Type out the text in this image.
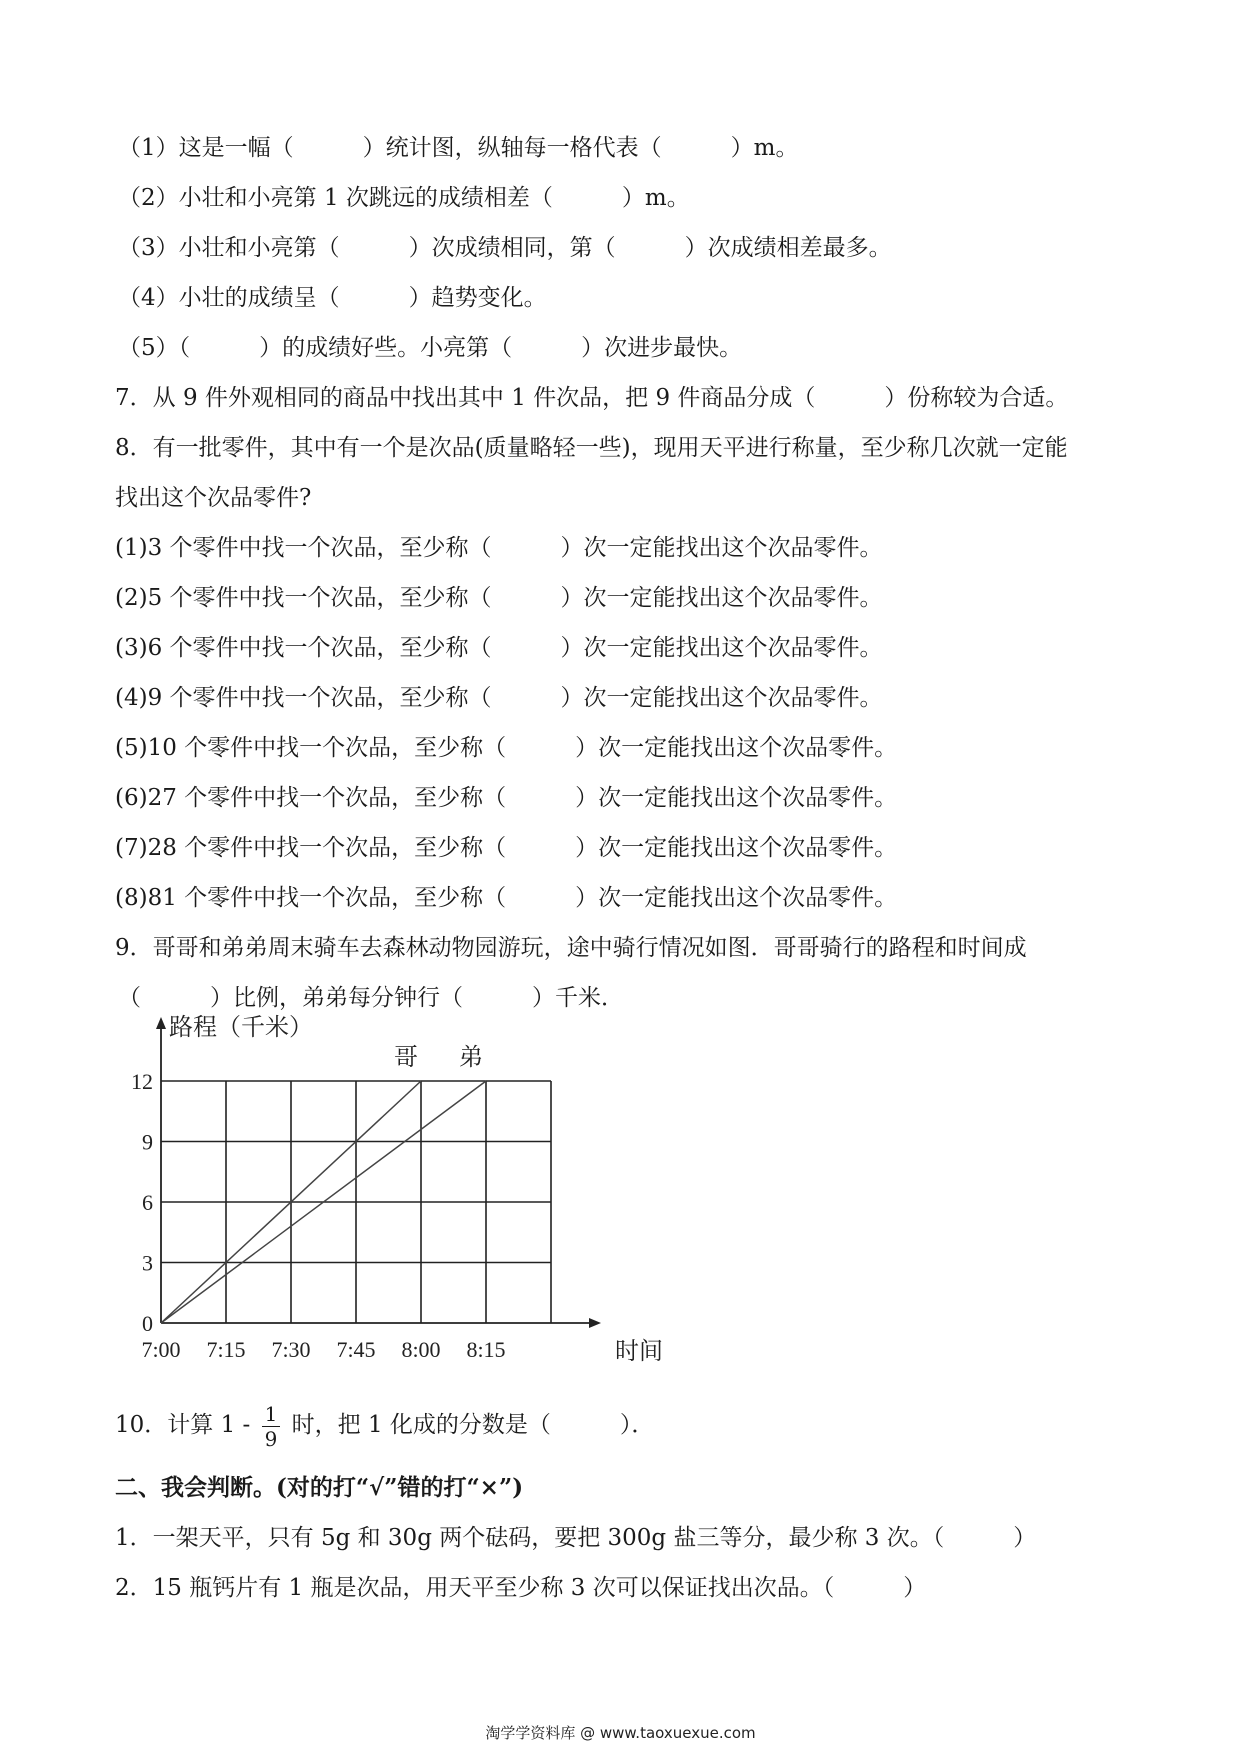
（1）这是一幅（　　　）统计图，纵轴每一格代表（　　　）m。
（2）小壮和小亮第 1 次跳远的成绩相差（　　　）m。
（3）小壮和小亮第（　　　）次成绩相同，第（　　　）次成绩相差最多。
（4）小壮的成绩呈（　　　）趋势变化。
（5）（　　　）的成绩好些。小亮第（　　　）次进步最快。
7．从 9 件外观相同的商品中找出其中 1 件次品，把 9 件商品分成（　　　）份称较为合适。
8．有一批零件，其中有一个是次品(质量略轻一些)，现用天平进行称量，至少称几次就一定能
找出这个次品零件?
(1)3 个零件中找一个次品，至少称（　　　）次一定能找出这个次品零件。
(2)5 个零件中找一个次品，至少称（　　　）次一定能找出这个次品零件。
(3)6 个零件中找一个次品，至少称（　　　）次一定能找出这个次品零件。
(4)9 个零件中找一个次品，至少称（　　　）次一定能找出这个次品零件。
(5)10 个零件中找一个次品，至少称（　　　）次一定能找出这个次品零件。
(6)27 个零件中找一个次品，至少称（　　　）次一定能找出这个次品零件。
(7)28 个零件中找一个次品，至少称（　　　）次一定能找出这个次品零件。
(8)81 个零件中找一个次品，至少称（　　　）次一定能找出这个次品零件。
9．哥哥和弟弟周末骑车去森林动物园游玩，途中骑行情况如图．哥哥骑行的路程和时间成
（　　　）比例，弟弟每分钟行（　　　）千米．
0
3
6
9
12
7:00 7:15 7:30 7:45 8:00 8:15
路程（千米）
时间
哥 弟
10．计算 $1 - \frac{1}{9}$ 时，把 1 化成的分数是（　　　）．
二、我会判断。(对的打“√”错的打“×”)
1．一架天平，只有 5g 和 30g 两个砝码，要把 300g 盐三等分，最少称 3 次。（　　　）
2．15 瓶钙片有 1 瓶是次品，用天平至少称 3 次可以保证找出次品。（　　　）
淘学学资料库 @ www.taoxuexue.com
